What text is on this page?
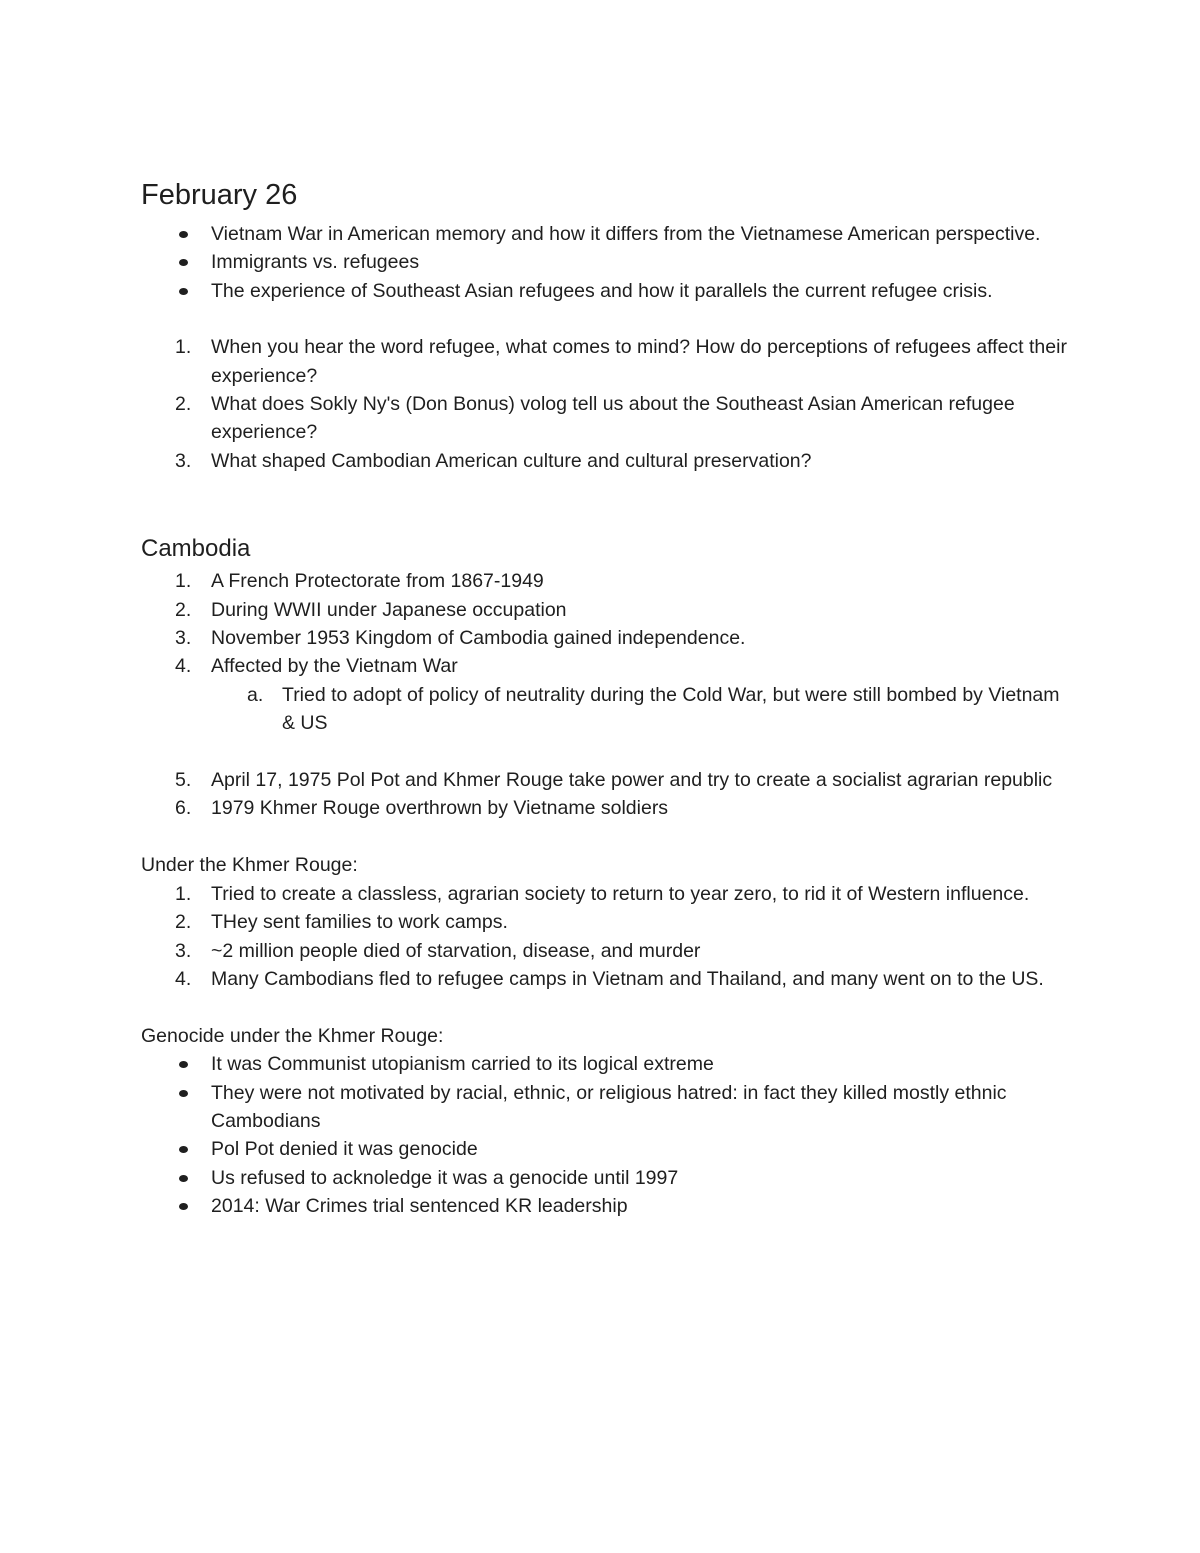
February 26
Vietnam War in American memory and how it differs from the Vietnamese American perspective.
Immigrants vs. refugees
The experience of Southeast Asian refugees and how it parallels the current refugee crisis.
1.	When you hear the word refugee, what comes to mind? How do perceptions of refugees affect their experience?
2.	What does Sokly Ny's (Don Bonus) volog tell us about the Southeast Asian American refugee experience?
3.	What shaped Cambodian American culture and cultural preservation?
Cambodia
1.	A French Protectorate from 1867-1949
2.	During WWII under Japanese occupation
3.	November 1953 Kingdom of Cambodia gained independence.
4.	Affected by the Vietnam War
a. Tried to adopt of policy of neutrality during the Cold War, but were still bombed by Vietnam & US
5.	April 17, 1975 Pol Pot and Khmer Rouge take power and try to create a socialist agrarian republic
6.	1979 Khmer Rouge overthrown by Vietname soldiers

Under the Khmer Rouge:

1.	Tried to create a classless, agrarian society to return to year zero, to rid it of Western influence.
2.	THey sent families to work camps.
3.	~2 million people died of starvation, disease, and murder
4.	Many Cambodians fled to refugee camps in Vietnam and Thailand, and many went on to the US.

Genocide under the Khmer Rouge:

It was Communist utopianism carried to its logical extreme
They were not motivated by racial, ethnic, or religious hatred: in fact they killed mostly ethnic Cambodians
Pol Pot denied it was genocide
Us refused to acknoledge it was a genocide until 1997
2014: War Crimes trial sentenced KR leadership
